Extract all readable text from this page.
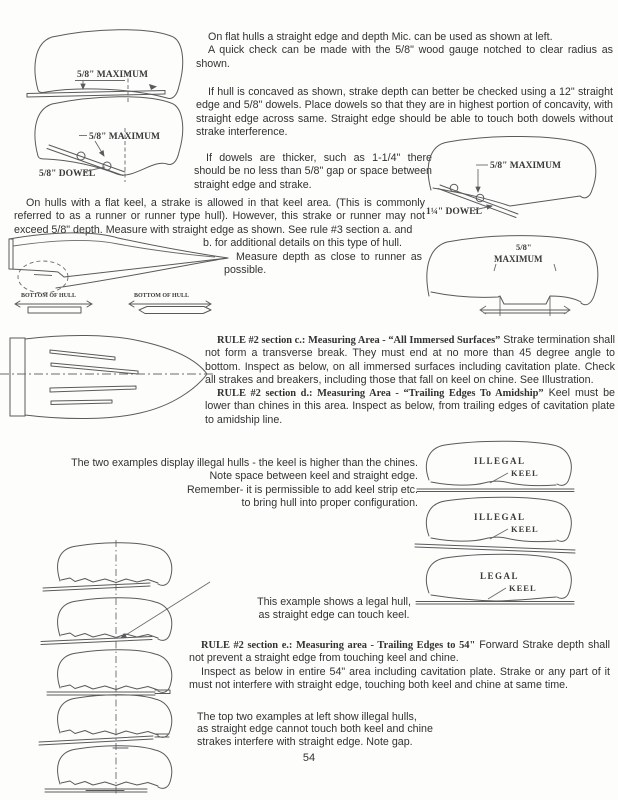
On flat hulls a straight edge and depth Mic. can be used as shown at left.

A quick check can be made with the 5/8" wood gauge notched to clear radius as shown.

If hull is concaved as shown, strake depth can better be checked using a 12" straight edge and 5/8" dowels. Place dowels so that they are in highest portion of concavity, with straight edge across same. Straight edge should be able to touch both dowels without strake interference.

If dowels are thicker, such as 1-1/4" there should be no less than 5/8" gap or space between straight edge and strake.

On hulls with a flat keel, a strake is allowed in that keel area. (This is commonly referred to as a runner or runner type hull). However, this strake or runner may not exceed 5/8" depth. Measure with straight edge as shown. See rule #3 section a. and

b. for additional details on this type of hull.

Measure depth as close to runner as possible.

RULE #2 section c.: Measuring Area - “All Immersed Surfaces” Strake termination shall not form a transverse break. They must end at no more than 45 degree angle to bottom. Inspect as below, on all immersed surfaces including cavitation plate. Check all strakes and breakers, including those that fall on keel on chine. See Illustration.

RULE #2 section d.: Measuring Area - “Trailing Edges To Amidship” Keel must be lower than chines in this area. Inspect as below, from trailing edges of cavitation plate to amidship line.

The two examples display illegal hulls - the keel is higher than the chines.

Note space between keel and straight edge.

Remember- it is permissible to add keel strip etc.

to bring hull into proper configuration.

This example shows a legal hull,

as straight edge can touch keel.

RULE #2 section e.: Measuring area - Trailing Edges to 54" Forward Strake depth shall not prevent a straight edge from touching keel and chine.

Inspect as below in entire 54" area including cavitation plate. Strake or any part of it must not interfere with straight edge, touching both keel and chine at same time.

The top two examples at left show illegal hulls,

as straight edge cannot touch both keel and chine

strakes interfere with straight edge. Note gap.

54
5/8" MAXIMUM
5/8" MAXIMUM
5/8" DOWEL
5/8" MAXIMUM
1¼" DOWEL
5/8"
MAXIMUM
BOTTOM OF HULL	BOTTOM OF HULL
ILLEGAL
KEEL
ILLEGAL
KEEL
LEGAL
KEEL
